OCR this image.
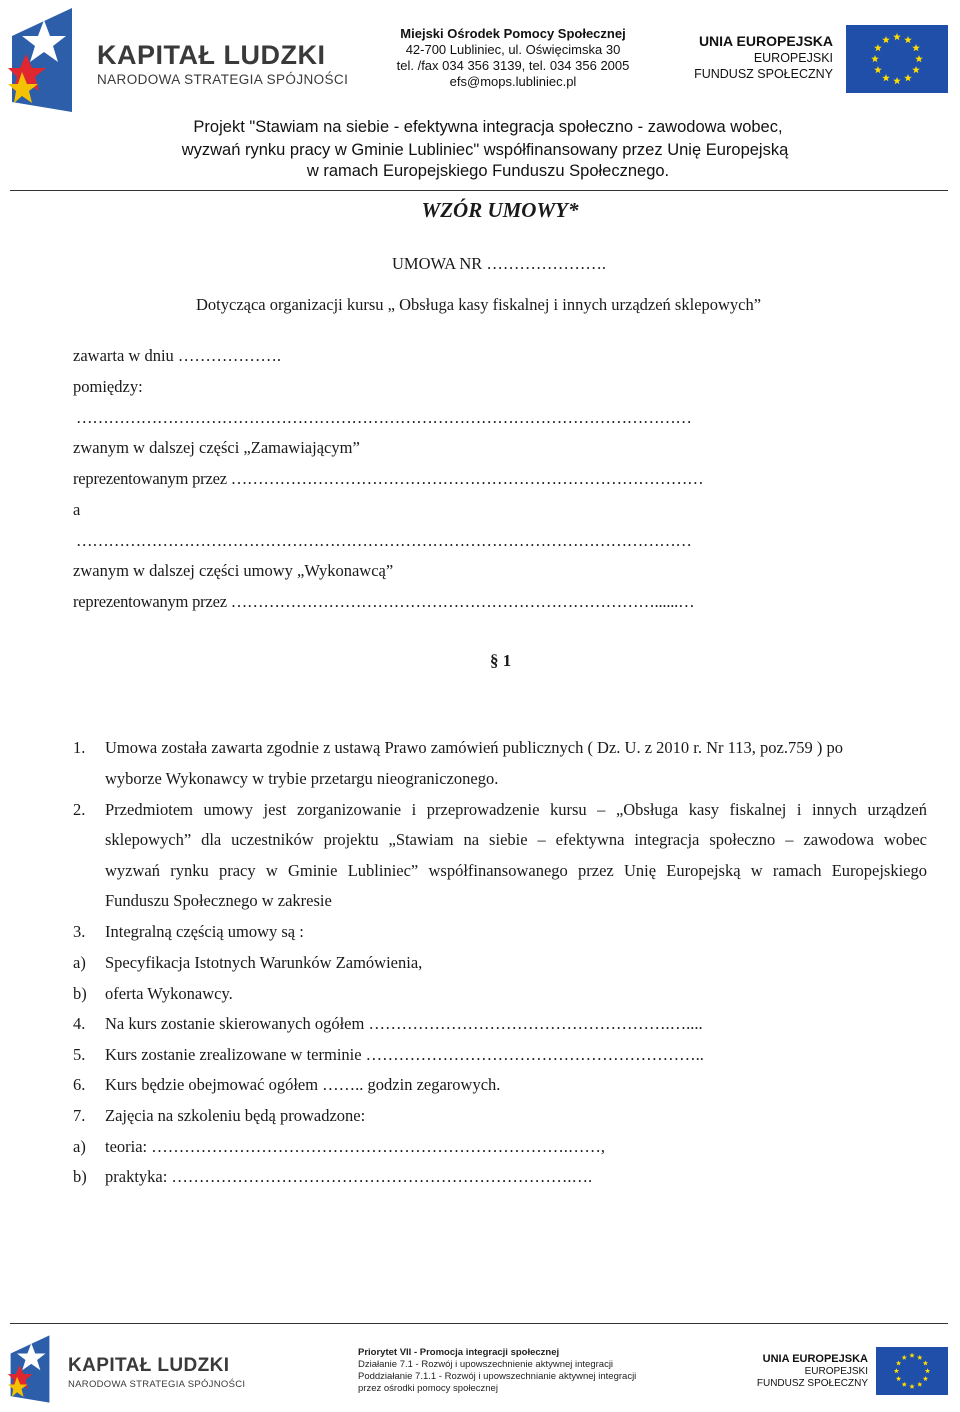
KAPITAŁ LUDZKI
NARODOWA STRATEGIA SPÓJNOŚCI
Miejski Ośrodek Pomocy Społecznej
42-700 Lubliniec, ul. Oświęcimska 30
tel. /fax 034 356 3139, tel. 034 356 2005
efs@mops.lubliniec.pl
UNIA EUROPEJSKA
EUROPEJSKI
FUNDUSZ SPOŁECZNY
Projekt "Stawiam na siebie - efektywna integracja społeczno - zawodowa wobec,
wyzwań rynku pracy w Gminie Lubliniec" współfinansowany przez Unię Europejską
w ramach Europejskiego Funduszu Społecznego.
WZÓR UMOWY*
UMOWA NR ………………….
Dotycząca organizacji kursu „ Obsługa kasy fiskalnej i innych urządzeń sklepowych”
zawarta w dniu ……………….
pomiędzy:
……………………………………………………………………………………………………
zwanym w dalszej części „Zamawiającym”
reprezentowanym przez ……………………………………………………………………………
a
……………………………………………………………………………………………………
zwanym w dalszej części umowy „Wykonawcą”
reprezentowanym przez ……………………………………………………………………......…
§ 1
1. Umowa została zawarta zgodnie z ustawą Prawo zamówień publicznych ( Dz. U. z 2010 r. Nr 113, poz.759 ) po
wyborze Wykonawcy w trybie przetargu nieograniczonego.
2. Przedmiotem umowy jest zorganizowanie i przeprowadzenie kursu – „Obsługa kasy fiskalnej i innych urządzeń
sklepowych” dla uczestników projektu „Stawiam na siebie – efektywna integracja społeczno – zawodowa wobec
wyzwań rynku pracy w Gminie Lubliniec” współfinansowanego przez Unię Europejską w ramach Europejskiego
Funduszu Społecznego w zakresie
3. Integralną częścią umowy są :
a) Specyfikacja Istotnych Warunków Zamówienia,
b) oferta Wykonawcy.
4. Na kurs zostanie skierowanych ogółem ……………………………………………….…....
5. Kurs zostanie zrealizowane w terminie ……………………………………………………..
6. Kurs będzie obejmować ogółem …….. godzin zegarowych.
7. Zajęcia na szkoleniu będą prowadzone:
a) teoria: ………………………………………………………………….……,
b) praktyka: ……………………………………………………………….….
KAPITAŁ LUDZKI
NARODOWA STRATEGIA SPÓJNOŚCI
Priorytet VII - Promocja integracji społecznej
Działanie 7.1 - Rozwój i upowszechnienie aktywnej integracji
Poddziałanie 7.1.1 - Rozwój i upowszechnianie aktywnej integracji
przez ośrodki pomocy społecznej
UNIA EUROPEJSKA
EUROPEJSKI
FUNDUSZ SPOŁECZNY
